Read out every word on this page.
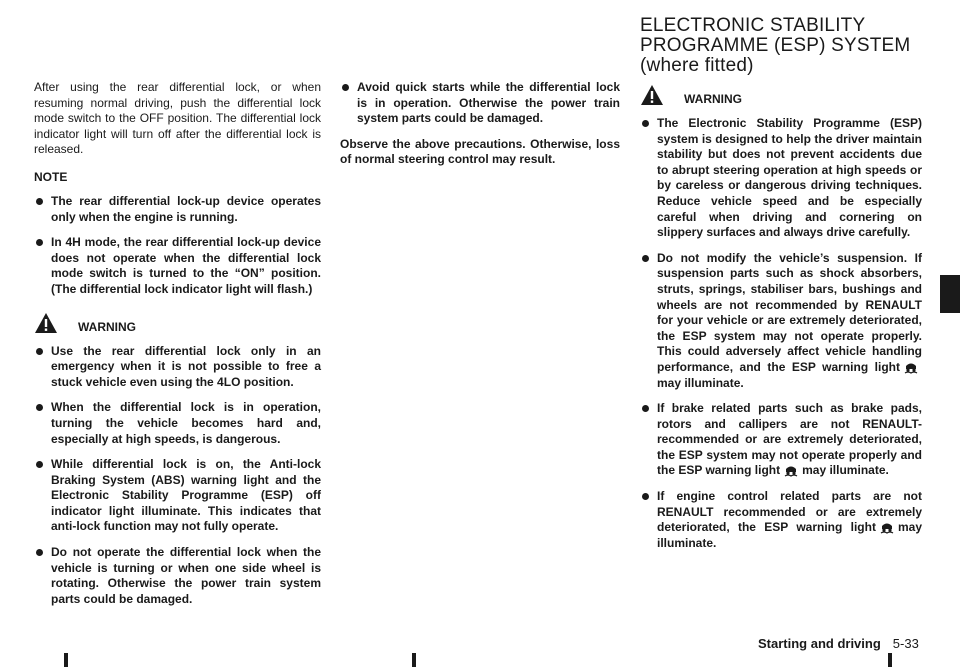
After using the rear differential lock, or when resuming normal driving, push the differential lock mode switch to the OFF position. The differential lock indicator light will turn off after the differential lock is released.

NOTE

The rear differential lock-up device operates only when the engine is running.
In 4H mode, the rear differential lock-up device does not operate when the differential lock mode switch is turned to the “ON” position. (The differential lock indicator light will flash.)
WARNING
Use the rear differential lock only in an emergency when it is not possible to free a stuck vehicle even using the 4LO position.
When the differential lock is in operation, turning the vehicle becomes hard and, especially at high speeds, is dangerous.
While differential lock is on, the Anti-lock Braking System (ABS) warning light and the Electronic Stability Programme (ESP) off indicator light illuminate. This indicates that anti-lock function may not fully operate.
Do not operate the differential lock when the vehicle is turning or when one side wheel is rotating. Otherwise the power train system parts could be damaged.
Avoid quick starts while the differential lock is in operation. Otherwise the power train system parts could be damaged.

Observe the above precautions. Otherwise, loss of normal steering control may result.

ELECTRONIC STABILITY
PROGRAMME (ESP) SYSTEM
(where fitted)
WARNING
The Electronic Stability Programme (ESP) system is designed to help the driver maintain stability but does not prevent accidents due to abrupt steering operation at high speeds or by careless or dangerous driving techniques. Reduce vehicle speed and be especially careful when driving and cornering on slippery surfaces and always drive carefully.
Do not modify the vehicle’s suspension. If suspension parts such as shock absorbers, struts, springs, stabiliser bars, bushings and wheels are not recommended by RENAULT for your vehicle or are extremely deteriorated, the ESP system may not operate properly. This could adversely affect vehicle handling performance, and the ESP warning lightmay illuminate.
If brake related parts such as brake pads, rotors and callipers are not RENAULT-recommended or are extremely deteriorated, the ESP system may not operate properly and the ESP warning light may illuminate.
If engine control related parts are not RENAULT recommended or are extremely deteriorated, the ESP warning light may illuminate.
Starting and driving 5-33
